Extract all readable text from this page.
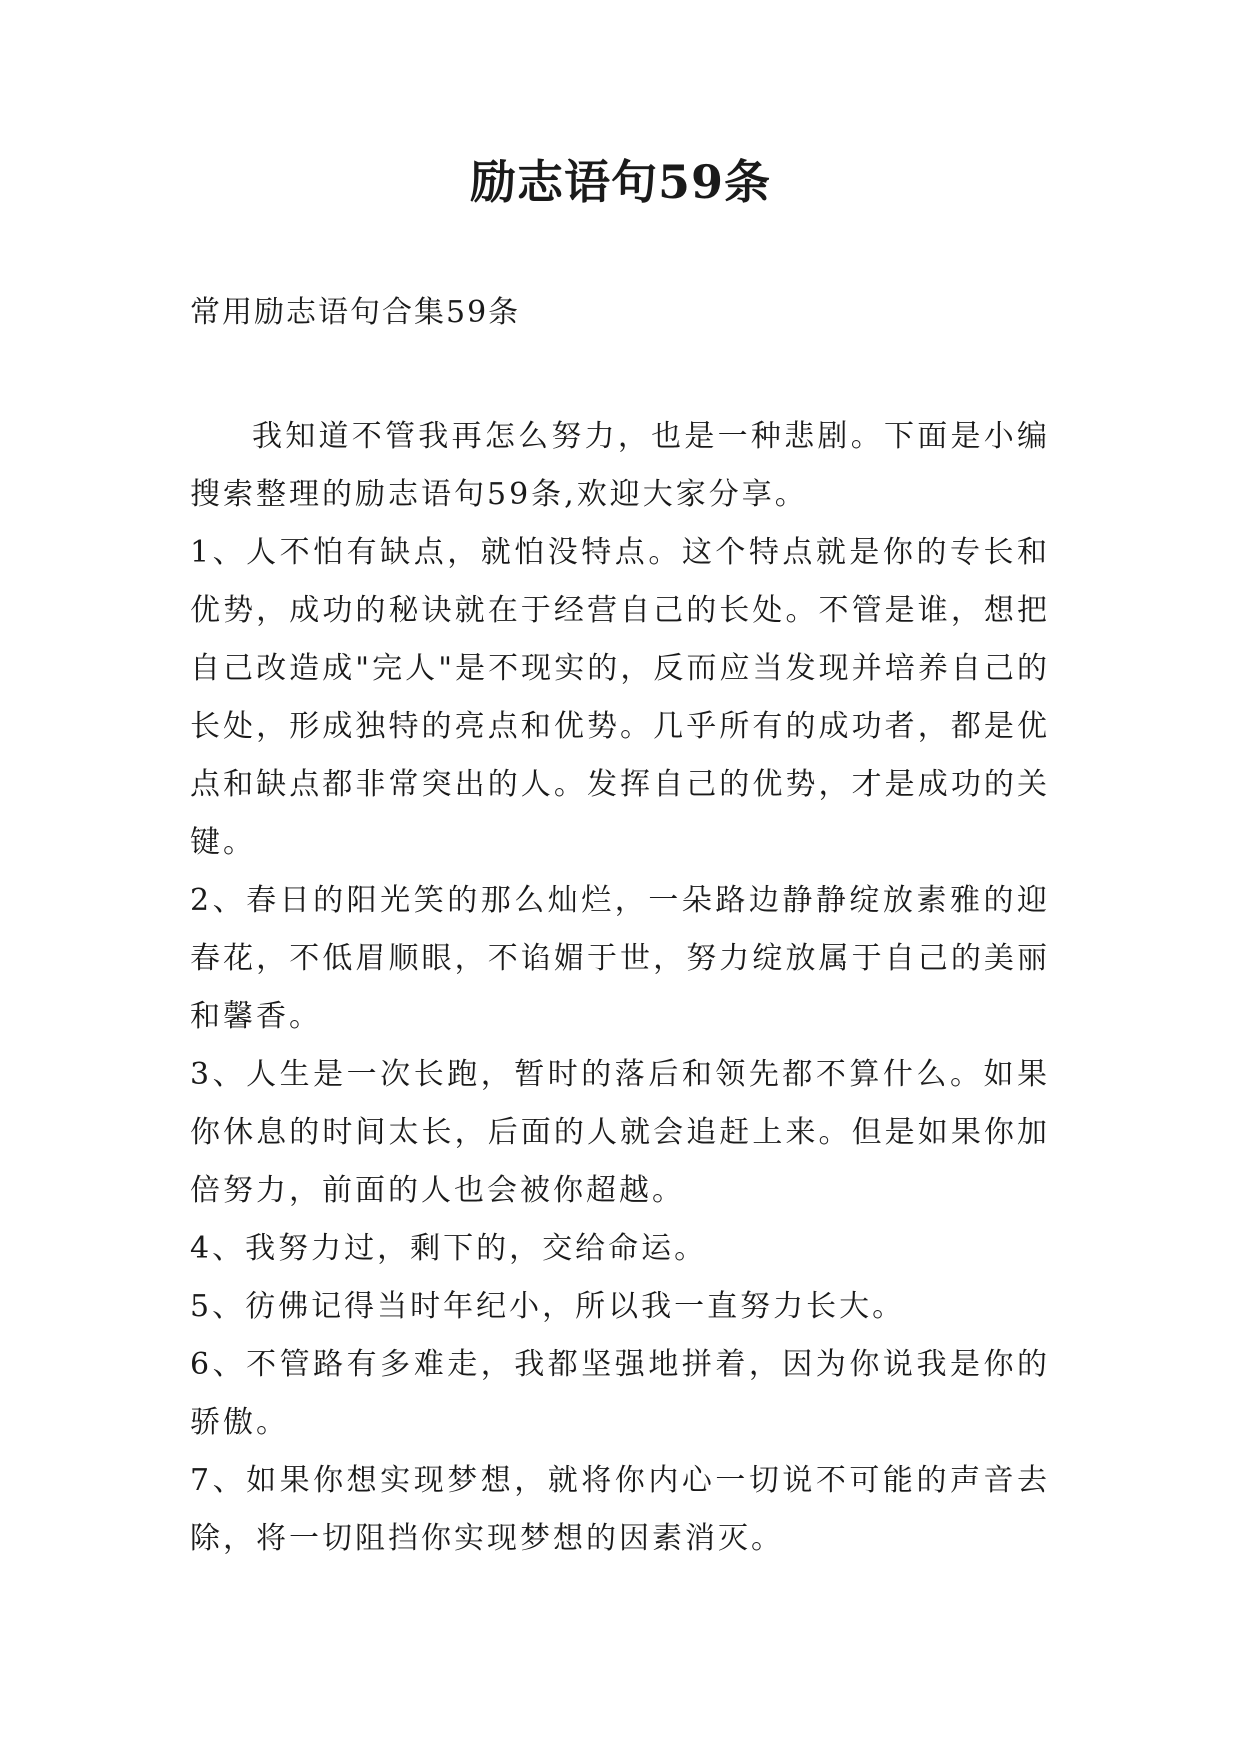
励志语句59条
常用励志语句合集59条

我知道不管我再怎么努力，也是一种悲剧。下面是小编搜索整理的励志语句59条,欢迎大家分享。

1、人不怕有缺点，就怕没特点。这个特点就是你的专长和优势，成功的秘诀就在于经营自己的长处。不管是谁，想把自己改造成"完人"是不现实的，反而应当发现并培养自己的长处，形成独特的亮点和优势。几乎所有的成功者，都是优点和缺点都非常突出的人。发挥自己的优势，才是成功的关键。

2、春日的阳光笑的那么灿烂，一朵路边静静绽放素雅的迎春花，不低眉顺眼，不谄媚于世，努力绽放属于自己的美丽和馨香。

3、人生是一次长跑，暂时的落后和领先都不算什么。如果你休息的时间太长，后面的人就会追赶上来。但是如果你加倍努力，前面的人也会被你超越。

4、我努力过，剩下的，交给命运。

5、彷佛记得当时年纪小，所以我一直努力长大。

6、不管路有多难走，我都坚强地拼着，因为你说我是你的骄傲。

7、如果你想实现梦想，就将你内心一切说不可能的声音去除，将一切阻挡你实现梦想的因素消灭。
